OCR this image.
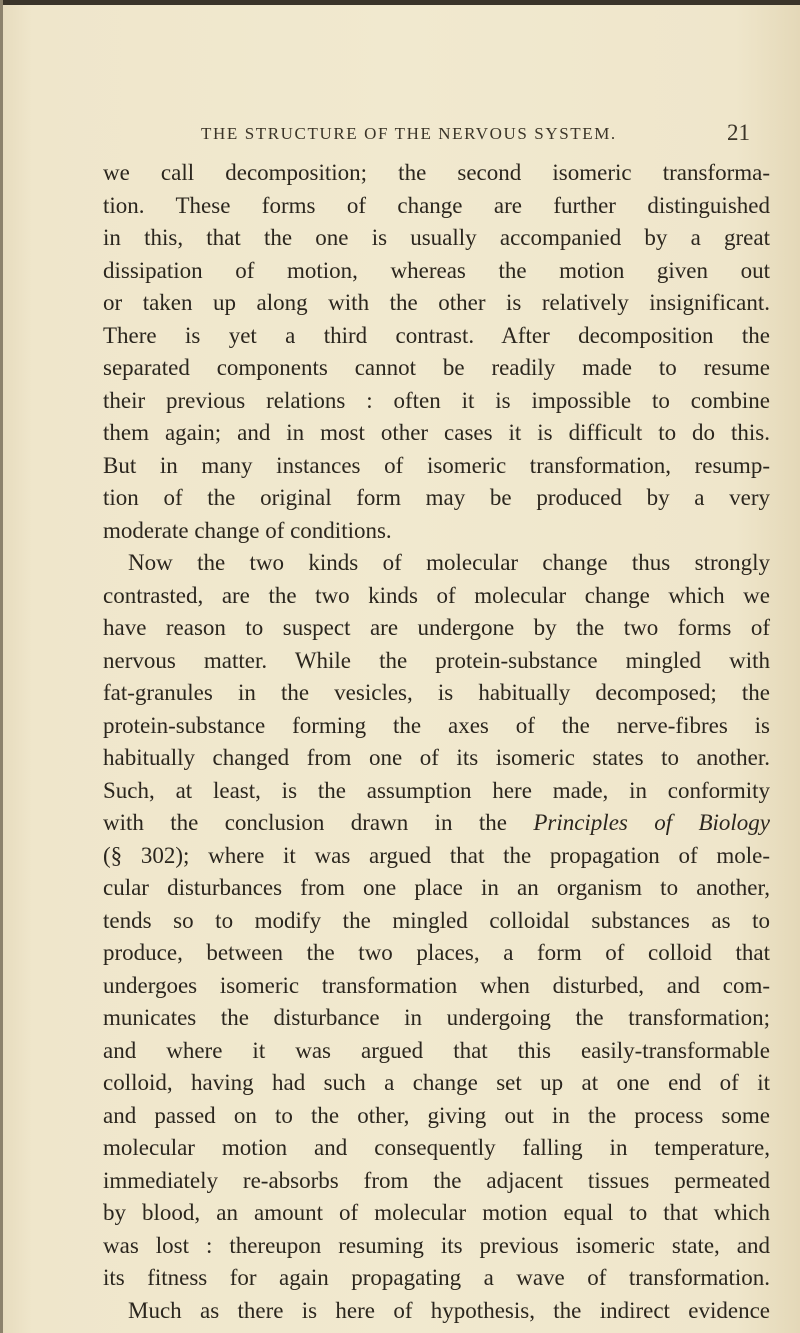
THE STRUCTURE OF THE NERVOUS SYSTEM.	21
we call decomposition; the second isomeric transforma-
tion. These forms of change are further distinguished
in this, that the one is usually accompanied by a great
dissipation of motion, whereas the motion given out
or taken up along with the other is relatively insignificant.
There is yet a third contrast. After decomposition the
separated components cannot be readily made to resume
their previous relations : often it is impossible to combine
them again; and in most other cases it is difficult to do this.
But in many instances of isomeric transformation, resump-
tion of the original form may be produced by a very
moderate change of conditions.
Now the two kinds of molecular change thus strongly
contrasted, are the two kinds of molecular change which we
have reason to suspect are undergone by the two forms of
nervous matter. While the protein-substance mingled with
fat-granules in the vesicles, is habitually decomposed; the
protein-substance forming the axes of the nerve-fibres is
habitually changed from one of its isomeric states to another.
Such, at least, is the assumption here made, in conformity
with the conclusion drawn in the Principles of Biology
(§ 302); where it was argued that the propagation of mole-
cular disturbances from one place in an organism to another,
tends so to modify the mingled colloidal substances as to
produce, between the two places, a form of colloid that
undergoes isomeric transformation when disturbed, and com-
municates the disturbance in undergoing the transformation;
and where it was argued that this easily-transformable
colloid, having had such a change set up at one end of it
and passed on to the other, giving out in the process some
molecular motion and consequently falling in temperature,
immediately re-absorbs from the adjacent tissues permeated
by blood, an amount of molecular motion equal to that which
was lost : thereupon resuming its previous isomeric state, and
its fitness for again propagating a wave of transformation.
Much as there is here of hypothesis, the indirect evidence
